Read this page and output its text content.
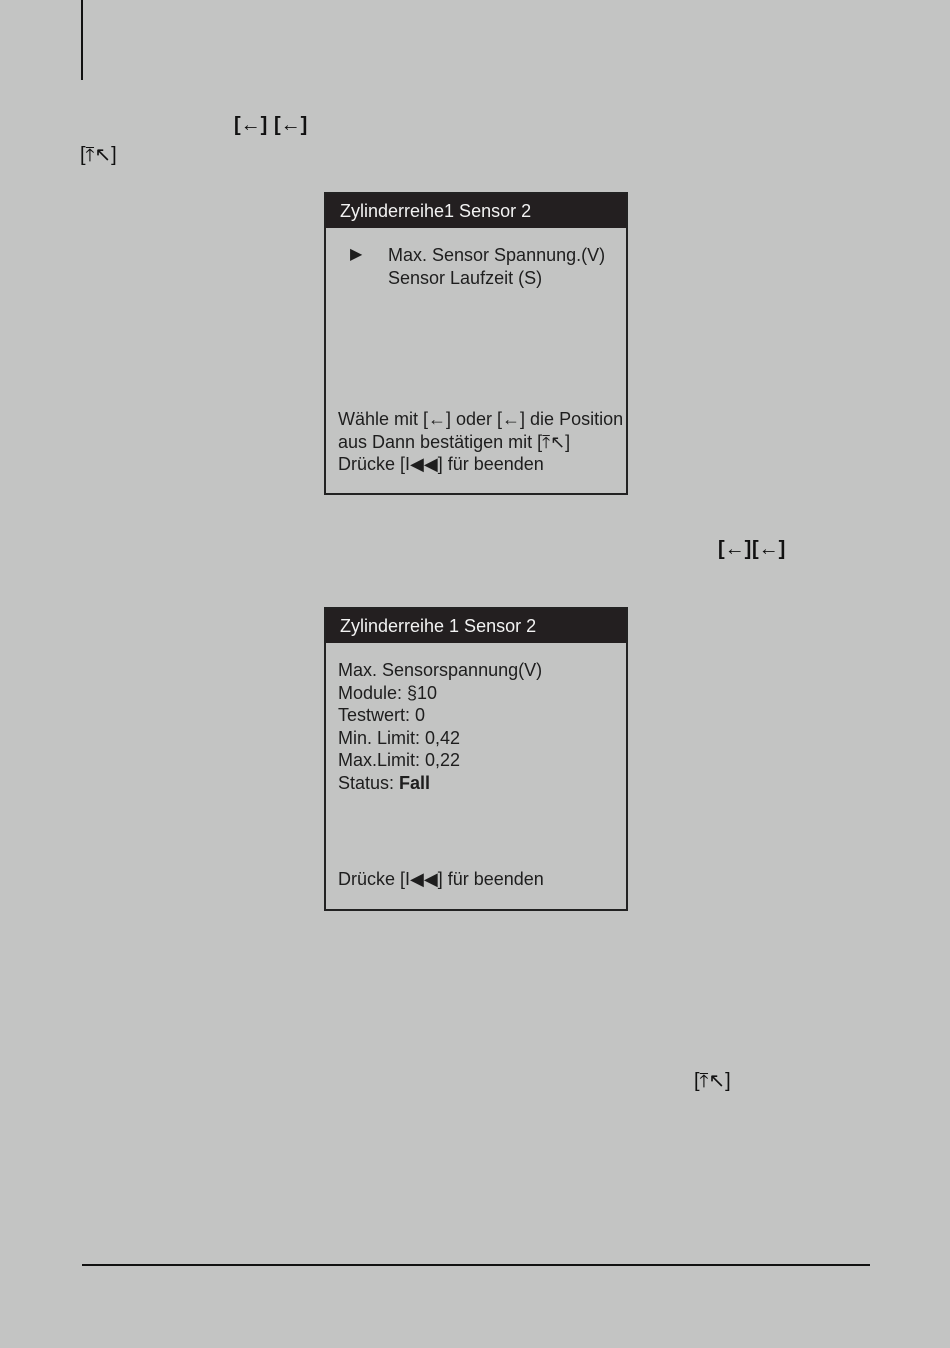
[←] [←]
[⤒↖]
Zylinderreihe1 Sensor 2
▶ Max. Sensor Spannung.(V)
Sensor Laufzeit (S)
Wähle mit [←] oder [←] die Position
aus Dann bestätigen mit [⤒↖]
Drücke [I◀◀] für beenden
[←] [←]
Zylinderreihe 1 Sensor 2
Max. Sensorspannung(V)
Module: §10
Testwert: 0
Min. Limit: 0,42
Max.Limit: 0,22
Status: Fall
Drücke [I◀◀] für beenden
[⤒↖]
